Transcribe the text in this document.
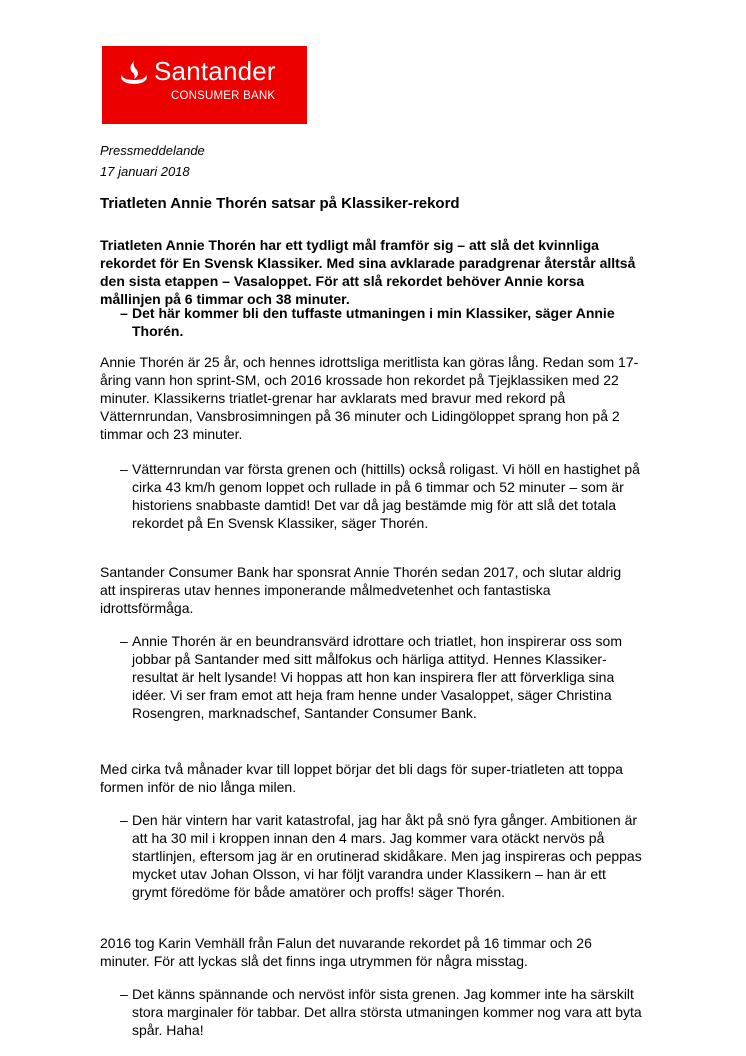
Santander
CONSUMER BANK
Pressmeddelande
17 januari 2018
Triatleten Annie Thorén satsar på Klassiker-rekord

Triatleten Annie Thorén har ett tydligt mål framför sig – att slå det kvinnliga rekordet för En Svensk Klassiker. Med sina avklarade paradgrenar återstår alltså den sista etappen – Vasaloppet. För att slå rekordet behöver Annie korsa mållinjen på 6 timmar och 38 minuter.

– Det här kommer bli den tuffaste utmaningen i min Klassiker, säger Annie Thorén.

Annie Thorén är 25 år, och hennes idrottsliga meritlista kan göras lång. Redan som 17-åring vann hon sprint-SM, och 2016 krossade hon rekordet på Tjejklassiken med 22 minuter. Klassikerns triatlet-grenar har avklarats med bravur med rekord på Vätternrundan, Vansbrosimningen på 36 minuter och Lidingöloppet sprang hon på 2 timmar och 23 minuter.

– Vätternrundan var första grenen och (hittills) också roligast. Vi höll en hastighet på cirka 43 km/h genom loppet och rullade in på 6 timmar och 52 minuter – som är historiens snabbaste damtid! Det var då jag bestämde mig för att slå det totala rekordet på En Svensk Klassiker, säger Thorén.

Santander Consumer Bank har sponsrat Annie Thorén sedan 2017, och slutar aldrig att inspireras utav hennes imponerande målmedvetenhet och fantastiska idrottsförmåga.

– Annie Thorén är en beundransvärd idrottare och triatlet, hon inspirerar oss som jobbar på Santander med sitt målfokus och härliga attityd. Hennes Klassiker-resultat är helt lysande! Vi hoppas att hon kan inspirera fler att förverkliga sina idéer. Vi ser fram emot att heja fram henne under Vasaloppet, säger Christina Rosengren, marknadschef, Santander Consumer Bank.

Med cirka två månader kvar till loppet börjar det bli dags för super-triatleten att toppa formen inför de nio långa milen.

– Den här vintern har varit katastrofal, jag har åkt på snö fyra gånger. Ambitionen är att ha 30 mil i kroppen innan den 4 mars. Jag kommer vara otäckt nervös på startlinjen, eftersom jag är en orutinerad skidåkare. Men jag inspireras och peppas mycket utav Johan Olsson, vi har följt varandra under Klassikern – han är ett grymt föredöme för både amatörer och proffs! säger Thorén.

2016 tog Karin Vemhäll från Falun det nuvarande rekordet på 16 timmar och 26 minuter. För att lyckas slå det finns inga utrymmen för några misstag.

– Det känns spännande och nervöst inför sista grenen. Jag kommer inte ha särskilt stora marginaler för tabbar. Det allra största utmaningen kommer nog vara att byta spår. Haha!
